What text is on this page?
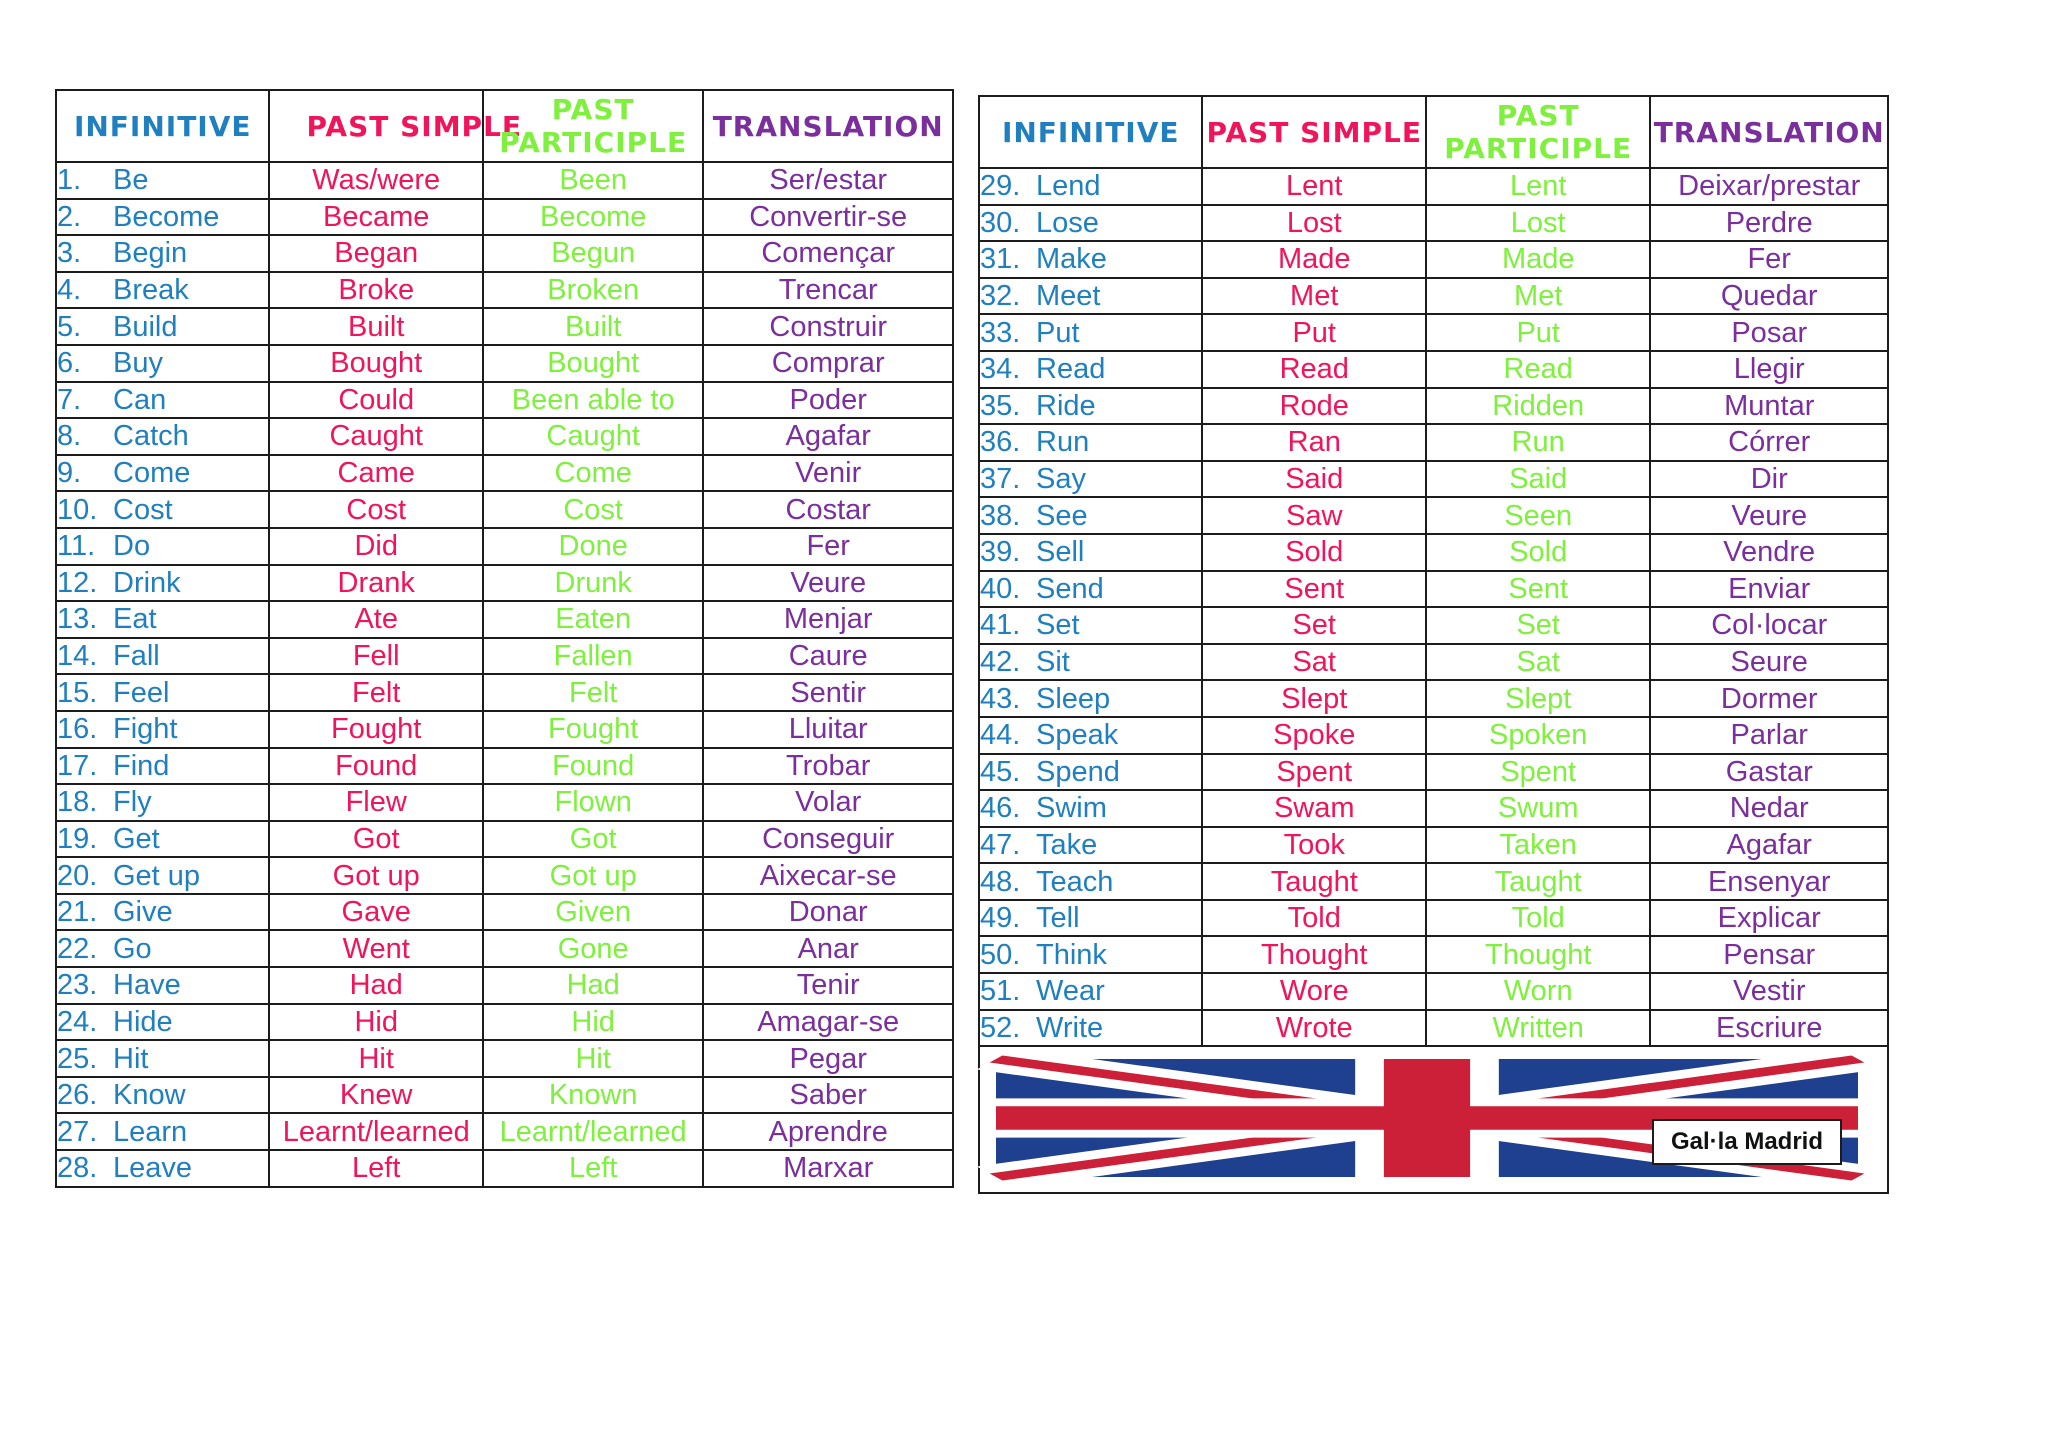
INFINITIVE	PAST SIMPLE	PAST PARTICIPLE	TRANSLATION
1. Be	Was/were	Been	Ser/estar
2. Become	Became	Become	Convertir-se
3. Begin	Began	Begun	Començar
4. Break	Broke	Broken	Trencar
5. Build	Built	Built	Construir
6. Buy	Bought	Bought	Comprar
7. Can	Could	Been able to	Poder
8. Catch	Caught	Caught	Agafar
9. Come	Came	Come	Venir
10. Cost	Cost	Cost	Costar
11. Do	Did	Done	Fer
12. Drink	Drank	Drunk	Veure
13. Eat	Ate	Eaten	Menjar
14. Fall	Fell	Fallen	Caure
15. Feel	Felt	Felt	Sentir
16. Fight	Fought	Fought	Lluitar
17. Find	Found	Found	Trobar
18. Fly	Flew	Flown	Volar
19. Get	Got	Got	Conseguir
20. Get up	Got up	Got up	Aixecar-se
21. Give	Gave	Given	Donar
22. Go	Went	Gone	Anar
23. Have	Had	Had	Tenir
24. Hide	Hid	Hid	Amagar-se
25. Hit	Hit	Hit	Pegar
26. Know	Knew	Known	Saber
27. Learn	Learnt/learned	Learnt/learned	Aprendre
28. Leave	Left	Left	Marxar
INFINITIVE	PAST SIMPLE	PAST PARTICIPLE	TRANSLATION
29. Lend	Lent	Lent	Deixar/prestar
30. Lose	Lost	Lost	Perdre
31. Make	Made	Made	Fer
32. Meet	Met	Met	Quedar
33. Put	Put	Put	Posar
34. Read	Read	Read	Llegir
35. Ride	Rode	Ridden	Muntar
36. Run	Ran	Run	Córrer
37. Say	Said	Said	Dir
38. See	Saw	Seen	Veure
39. Sell	Sold	Sold	Vendre
40. Send	Sent	Sent	Enviar
41. Set	Set	Set	Col·locar
42. Sit	Sat	Sat	Seure
43. Sleep	Slept	Slept	Dormer
44. Speak	Spoke	Spoken	Parlar
45. Spend	Spent	Spent	Gastar
46. Swim	Swam	Swum	Nedar
47. Take	Took	Taken	Agafar
48. Teach	Taught	Taught	Ensenyar
49. Tell	Told	Told	Explicar
50. Think	Thought	Thought	Pensar
51. Wear	Wore	Worn	Vestir
52. Write	Wrote	Written	Escriure

Gal·la Madrid			
